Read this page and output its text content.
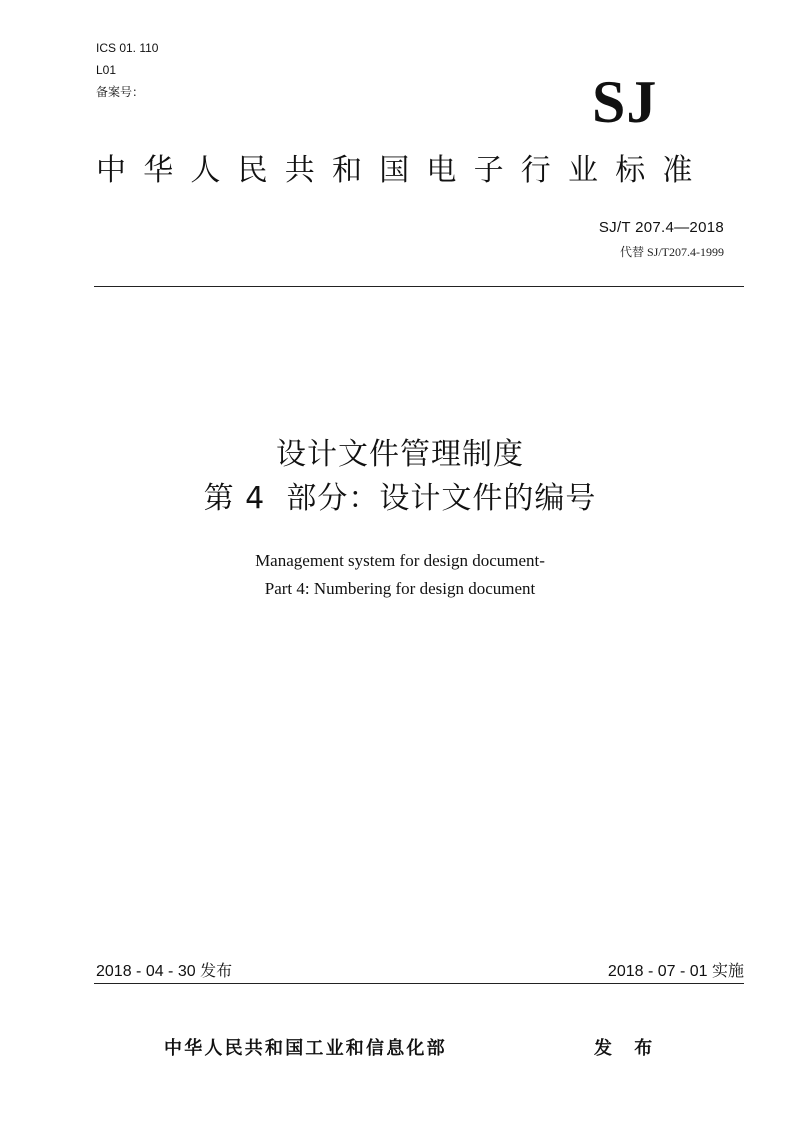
ICS 01. 110
L01
备案号：	SJ
中华人民共和国电子行业标准
SJ/T 207.4—2018
代替 SJ/T207.4-1999
设计文件管理制度
第 4  部分：设计文件的编号
Management system for design document-
Part 4: Numbering for design document
2018 - 04 - 30 发布	2018 - 07 - 01 实施
中华人民共和国工业和信息化部	发 布
